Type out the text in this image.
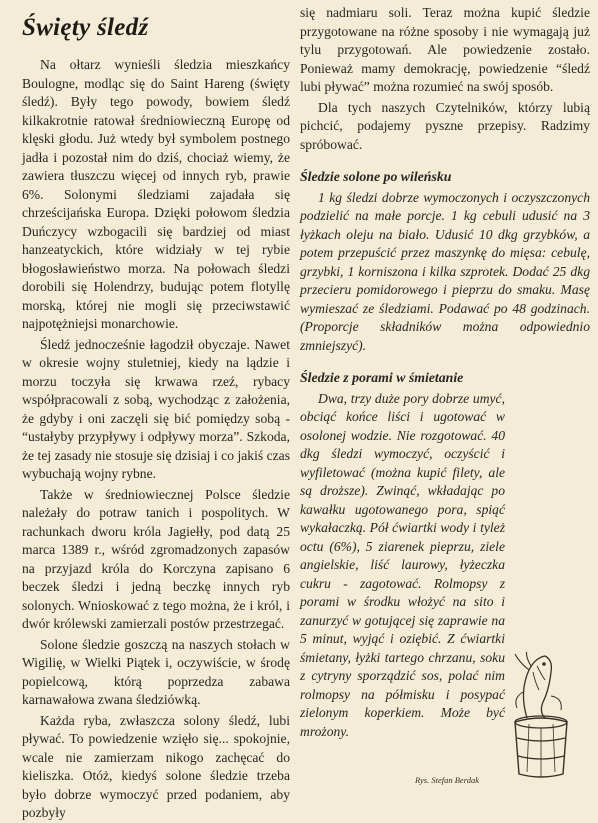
Święty śledź

Na ołtarz wynieśli śledzia mieszkańcy Boulogne, modląc się do Saint Hareng (święty śledź). Były tego powody, bowiem śledź kilkakrotnie ratował średniowieczną Europę od klęski głodu. Już wtedy był symbolem postnego jadła i pozostał nim do dziś, chociaż wiemy, że zawiera tłuszczu więcej od innych ryb, prawie 6%. Solonymi śledziami zajadała się chrześcijańska Europa. Dzięki połowom śledzia Duńczycy wzbogacili się bardziej od miast hanzeatyckich, które widziały w tej rybie błogosławieństwo morza. Na połowach śledzi dorobili się Holendrzy, budując potem flotyllę morską, której nie mogli się przeciwstawić najpotężniejsi monarchowie.

Śledź jednocześnie łagodził obyczaje. Nawet w okresie wojny stuletniej, kiedy na lądzie i morzu toczyła się krwawa rzeź, rybacy współpracowali z sobą, wychodząc z założenia, że gdyby i oni zaczęli się bić pomiędzy sobą - “ustałyby przypływy i odpływy morza”. Szkoda, że tej zasady nie stosuje się dzisiaj i co jakiś czas wybuchają wojny rybne.

Także w średniowiecznej Polsce śledzie należały do potraw tanich i pospolitych. W rachunkach dworu króla Jagiełły, pod datą 25 marca 1389 r., wśród zgromadzonych zapasów na przyjazd króla do Korczyna zapisano 6 beczek śledzi i jedną beczkę innych ryb solonych. Wnioskować z tego można, że i król, i dwór królewski zamierzali postów przestrzegać.

Solone śledzie goszczą na naszych stołach w Wigilię, w Wielki Piątek i, oczywiście, w środę popielcową, którą poprzedza zabawa karnawałowa zwana śledziówką.

Każda ryba, zwłaszcza solony śledź, lubi pływać. To powiedzenie wzięło się... spokojnie, wcale nie zamierzam nikogo zachęcać do kieliszka. Otóż, kiedyś solone śledzie trzeba było dobrze wymoczyć przed podaniem, aby pozbyły

się nadmiaru soli. Teraz można kupić śledzie przygotowane na różne sposoby i nie wymagają już tylu przygotowań. Ale powiedzenie zostało. Ponieważ mamy demokrację, powiedzenie “śledź lubi pływać” można rozumieć na swój sposób.

Dla tych naszych Czytelników, którzy lubią pichcić, podajemy pyszne przepisy. Radzimy spróbować.

Śledzie solone po wileńsku

1 kg śledzi dobrze wymoczonych i oczyszczonych podzielić na małe porcje. 1 kg cebuli udusić na 3 łyżkach oleju na biało. Udusić 10 dkg grzybków, a potem przepuścić przez maszynkę do mięsa: cebulę, grzybki, 1 korniszona i kilka szprotek. Dodać 25 dkg przecieru pomidorowego i pieprzu do smaku. Masę wymieszać ze śledziami. Podawać po 48 godzinach. (Proporcje składników można odpowiednio zmniejszyć).

Śledzie z porami w śmietanie

Dwa, trzy duże pory dobrze umyć, obciąć końce liści i ugotować w osolonej wodzie. Nie rozgotować. 40 dkg śledzi wymoczyć, oczyścić i wyfiletować (można kupić filety, ale są droższe). Zwinąć, wkładając po kawałku ugotowanego pora, spiąć wykałaczką. Pół ćwiartki wody i tyleż octu (6%), 5 ziarenek pieprzu, ziele angielskie, liść laurowy, łyżeczka cukru - zagotować. Rolmopsy z porami w środku włożyć na sito i zanurzyć w gotującej się zaprawie na 5 minut, wyjąć i oziębić. Z ćwiartki śmietany, łyżki tartego chrzanu, soku z cytryny sporządzić sos, polać nim rolmopsy na półmisku i posypać zielonym koperkiem. Może być mrożony.

Rys. Stefan Berdak
